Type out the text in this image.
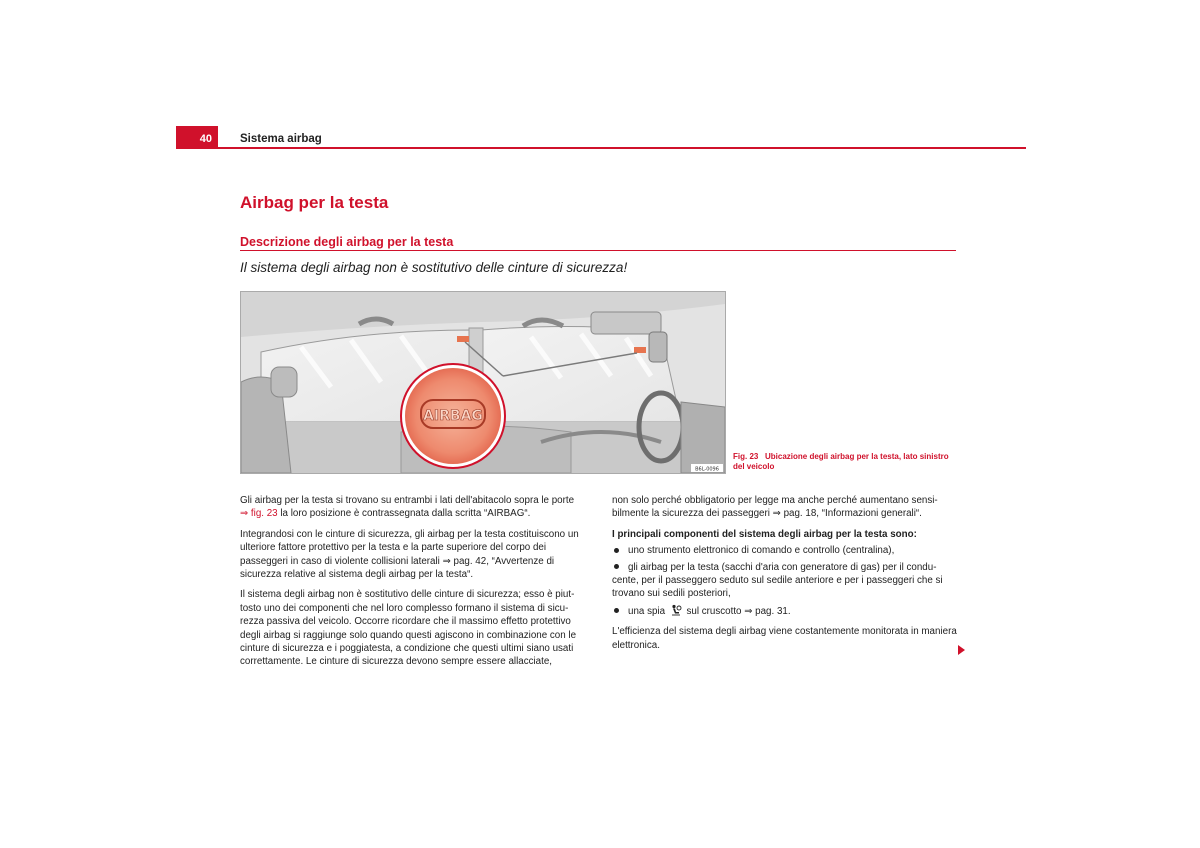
40 Sistema airbag
Airbag per la testa
Descrizione degli airbag per la testa
Il sistema degli airbag non è sostitutivo delle cinture di sicurezza!
AIRBAG
B6L-0096
Fig. 23 Ubicazione degli airbag per la testa, lato sinistro del veicolo

Gli airbag per la testa si trovano su entrambi i lati dell'abitacolo sopra le porte
⇒ fig. 23 la loro posizione è contrassegnata dalla scritta “AIRBAG“.

Integrandosi con le cinture di sicurezza, gli airbag per la testa costituiscono un ulteriore fattore protettivo per la testa e la parte superiore del corpo dei passeggeri in caso di violente collisioni laterali ⇒ pag. 42, “Avvertenze di sicurezza relative al sistema degli airbag per la testa“.

Il sistema degli airbag non è sostitutivo delle cinture di sicurezza; esso è piut-tosto uno dei componenti che nel loro complesso formano il sistema di sicu-rezza passiva del veicolo. Occorre ricordare che il massimo effetto protettivo degli airbag si raggiunge solo quando questi agiscono in combinazione con le cinture di sicurezza e i poggiatesta, a condizione che questi ultimi siano usati correttamente. Le cinture di sicurezza devono sempre essere allacciate,

non solo perché obbligatorio per legge ma anche perché aumentano sensi-bilmente la sicurezza dei passeggeri ⇒ pag. 18, “Informazioni generali“.

I principali componenti del sistema degli airbag per la testa sono:

uno strumento elettronico di comando e controllo (centralina),
gli airbag per la testa (sacchi d'aria con generatore di gas) per il condu-cente, per il passeggero seduto sul sedile anteriore e per i passeggeri che si trovano sui sedili posteriori,
una spia sul cruscotto ⇒ pag. 31.

L'efficienza del sistema degli airbag viene costantemente monitorata in maniera elettronica.
